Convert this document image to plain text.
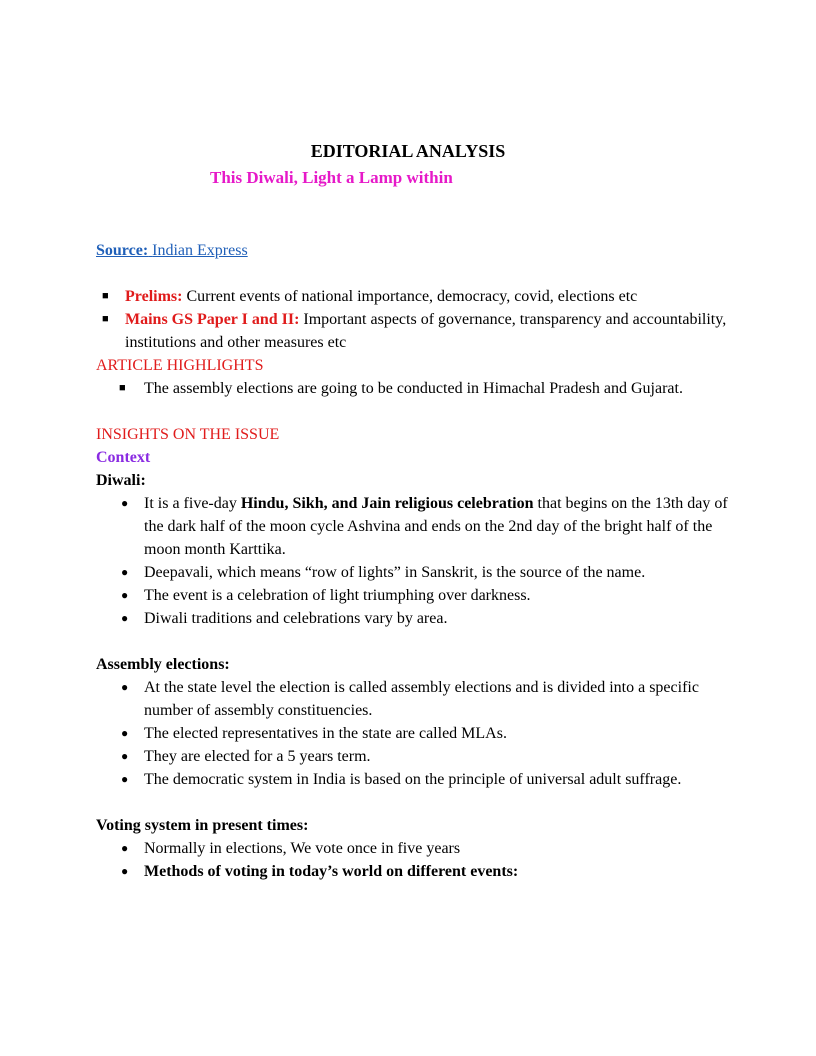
EDITORIAL ANALYSIS
This Diwali, Light a Lamp within
Source: Indian Express
■ Prelims: Current events of national importance, democracy, covid, elections etc
■ Mains GS Paper I and II: Important aspects of governance, transparency and accountability, institutions and other measures etc
ARTICLE HIGHLIGHTS
■ The assembly elections are going to be conducted in Himachal Pradesh and Gujarat.
INSIGHTS ON THE ISSUE
Context
Diwali:
● It is a five-day Hindu, Sikh, and Jain religious celebration that begins on the 13th day of the dark half of the moon cycle Ashvina and ends on the 2nd day of the bright half of the moon month Karttika.
● Deepavali, which means “row of lights” in Sanskrit, is the source of the name.
● The event is a celebration of light triumphing over darkness.
● Diwali traditions and celebrations vary by area.
Assembly elections:
● At the state level the election is called assembly elections and is divided into a specific number of assembly constituencies.
● The elected representatives in the state are called MLAs.
● They are elected for a 5 years term.
● The democratic system in India is based on the principle of universal adult suffrage.
Voting system in present times:
● Normally in elections, We vote once in five years
● Methods of voting in today’s world on different events:
